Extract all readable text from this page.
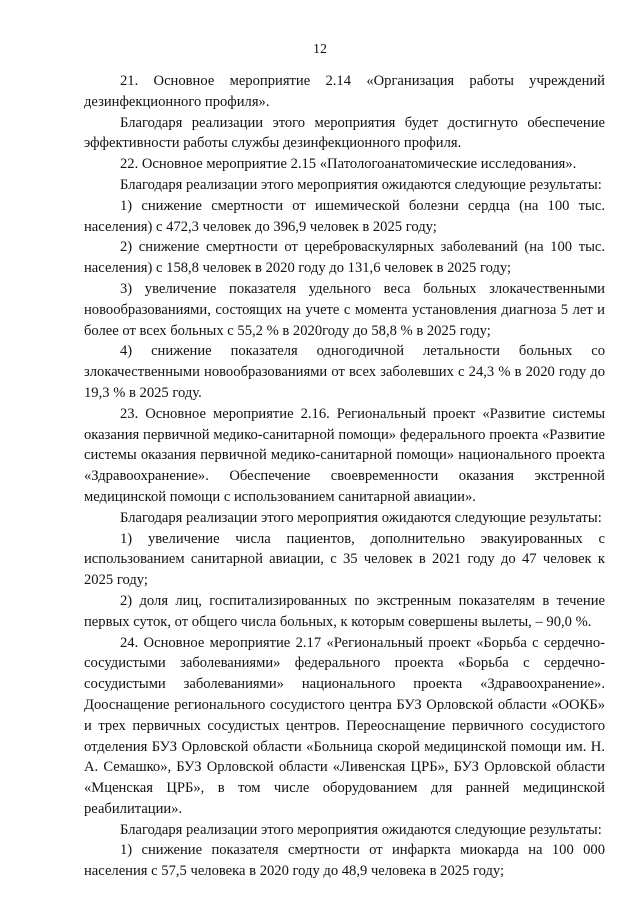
12

21. Основное мероприятие 2.14 «Организация работы учреждений дезинфекционного профиля».

Благодаря реализации этого мероприятия будет достигнуто обеспечение эффективности работы службы дезинфекционного профиля.

22. Основное мероприятие 2.15 «Патологоанатомические исследования».

Благодаря реализации этого мероприятия ожидаются следующие результаты:

1) снижение смертности от ишемической болезни сердца (на 100 тыс. населения) с 472,3 человек до 396,9 человек в 2025 году;

2) снижение смертности от цереброваскулярных заболеваний (на 100 тыс. населения) с 158,8 человек в 2020 году до 131,6 человек в 2025 году;

3) увеличение показателя удельного веса больных злокачественными новообразованиями, состоящих на учете с момента установления диагноза 5 лет и более от всех больных с 55,2 % в 2020году до 58,8 % в 2025 году;

4) снижение показателя одногодичной летальности больных со злокачественными новообразованиями от всех заболевших с 24,3 % в 2020 году до 19,3 % в 2025 году.

23. Основное мероприятие 2.16. Региональный проект «Развитие системы оказания первичной медико-санитарной помощи» федерального проекта «Развитие системы оказания первичной медико-санитарной помощи» национального проекта «Здравоохранение». Обеспечение своевременности оказания экстренной медицинской помощи с использованием санитарной авиации».

Благодаря реализации этого мероприятия ожидаются следующие результаты:

1) увеличение числа пациентов, дополнительно эвакуированных с использованием санитарной авиации, с 35 человек в 2021 году до 47 человек к 2025 году;

2) доля лиц, госпитализированных по экстренным показателям в течение первых суток, от общего числа больных, к которым совершены вылеты, – 90,0 %.

24. Основное мероприятие 2.17 «Региональный проект «Борьба с сердечно-сосудистыми заболеваниями» федерального проекта «Борьба с сердечно-сосудистыми заболеваниями» национального проекта «Здравоохранение». Дооснащение регионального сосудистого центра БУЗ Орловской области «ООКБ» и трех первичных сосудистых центров. Переоснащение первичного сосудистого отделения БУЗ Орловской области «Больница скорой медицинской помощи им. Н. А. Семашко», БУЗ Орловской области «Ливенская ЦРБ», БУЗ Орловской области «Мценская ЦРБ», в том числе оборудованием для ранней медицинской реабилитации».

Благодаря реализации этого мероприятия ожидаются следующие результаты:

1) снижение показателя смертности от инфаркта миокарда на 100 000 населения с 57,5 человека в 2020 году до 48,9 человека в 2025 году;
